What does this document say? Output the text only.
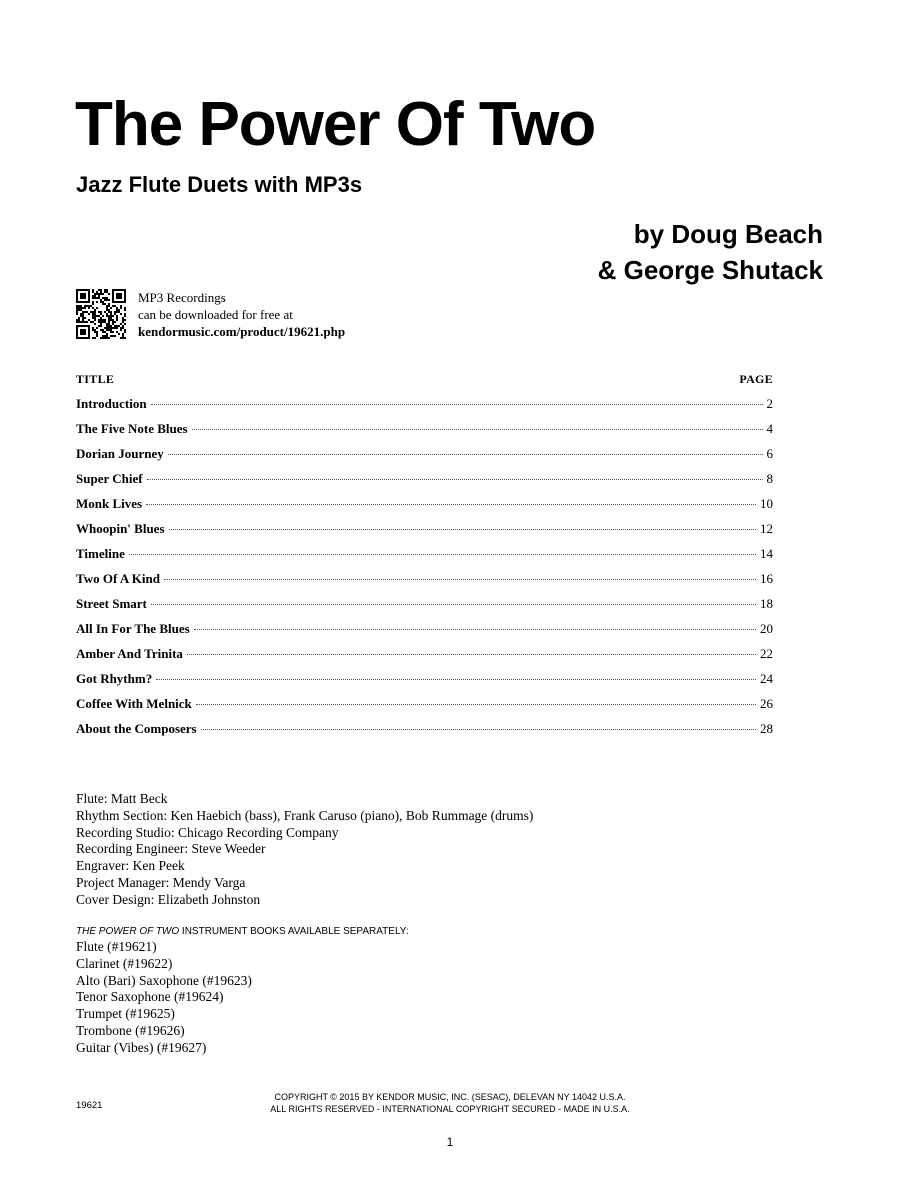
The Power Of Two
Jazz Flute Duets with MP3s
by Doug Beach
& George Shutack
MP3 Recordings
can be downloaded for free at
kendormusic.com/product/19621.php
TITLE	PAGE
Introduction	2
The Five Note Blues	4
Dorian Journey	6
Super Chief	8
Monk Lives	10
Whoopin' Blues	12
Timeline	14
Two Of A Kind	16
Street Smart	18
All In For The Blues	20
Amber And Trinita	22
Got Rhythm?	24
Coffee With Melnick	26
About the Composers	28
Flute: Matt Beck
Rhythm Section: Ken Haebich (bass), Frank Caruso (piano), Bob Rummage (drums)
Recording Studio: Chicago Recording Company
Recording Engineer: Steve Weeder
Engraver: Ken Peek
Project Manager: Mendy Varga
Cover Design: Elizabeth Johnston
THE POWER OF TWO INSTRUMENT BOOKS AVAILABLE SEPARATELY:
Flute (#19621)
Clarinet (#19622)
Alto (Bari) Saxophone (#19623)
Tenor Saxophone (#19624)
Trumpet (#19625)
Trombone (#19626)
Guitar (Vibes) (#19627)
19621
COPYRIGHT © 2015 BY KENDOR MUSIC, INC. (SESAC), DELEVAN NY 14042 U.S.A.
ALL RIGHTS RESERVED - INTERNATIONAL COPYRIGHT SECURED - MADE IN U.S.A.
1
